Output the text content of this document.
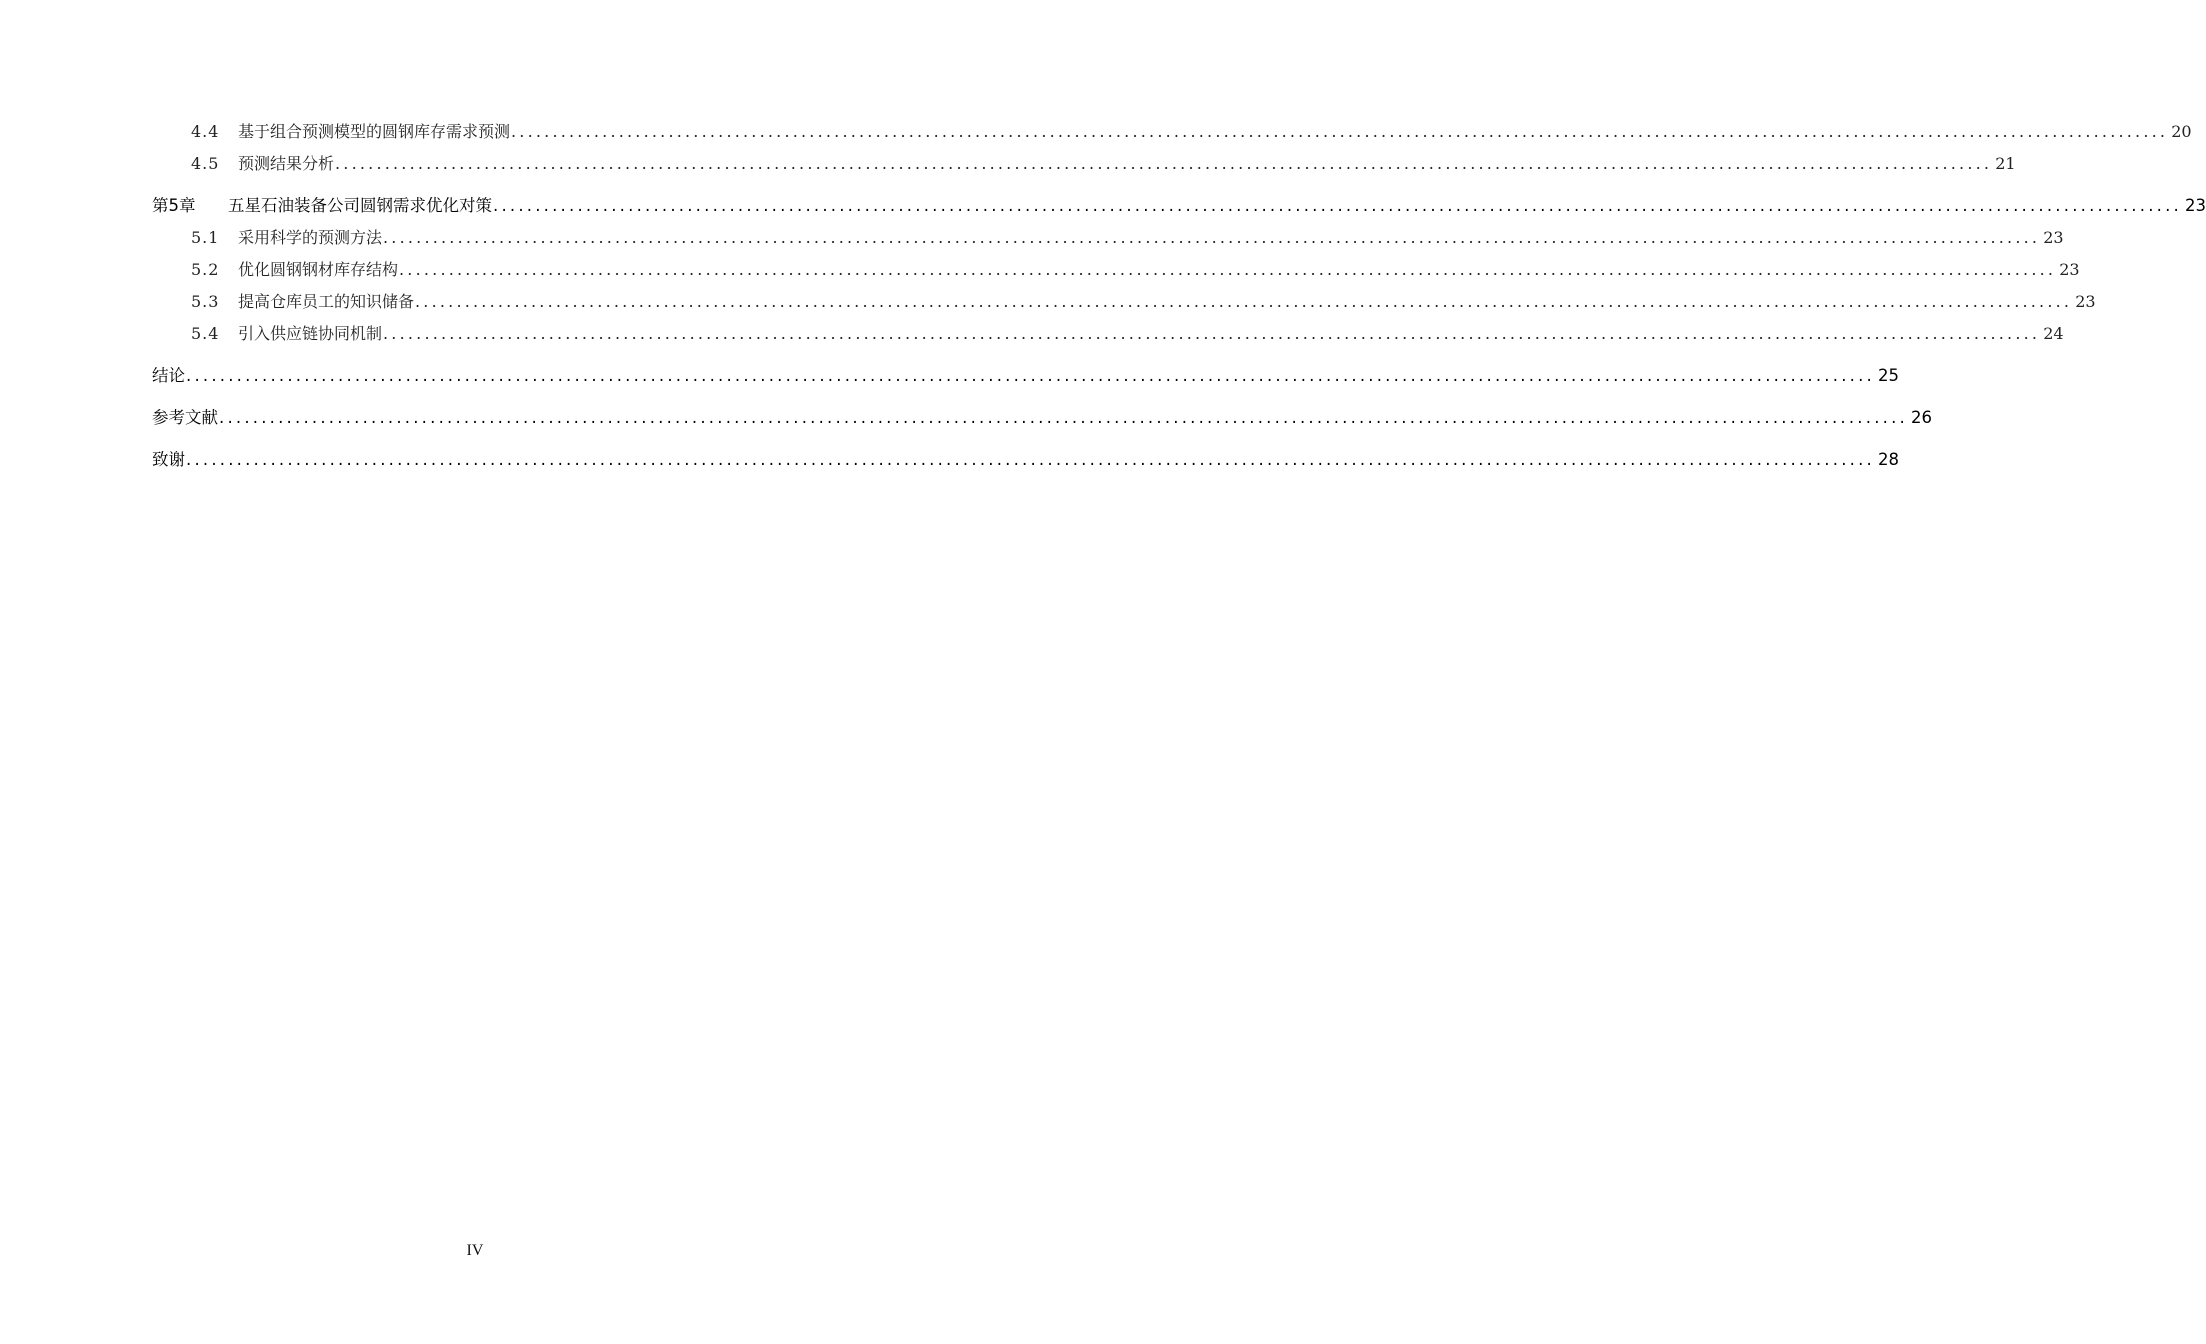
4.4	基于组合预测模型的圆钢库存需求预测 ........................................................................................................................................................................................................ 20
4.5	预测结果分析 ........................................................................................................................................................................................................ 21
第5章	五星石油装备公司圆钢需求优化对策 ........................................................................................................................................................................................................ 23
5.1	采用科学的预测方法 ........................................................................................................................................................................................................ 23
5.2	优化圆钢钢材库存结构 ........................................................................................................................................................................................................ 23
5.3	提高仓库员工的知识储备 ........................................................................................................................................................................................................ 23
5.4	引入供应链协同机制 ........................................................................................................................................................................................................ 24
结论 ........................................................................................................................................................................................................ 25
参考文献 ........................................................................................................................................................................................................ 26
致谢 ........................................................................................................................................................................................................ 28
IV
